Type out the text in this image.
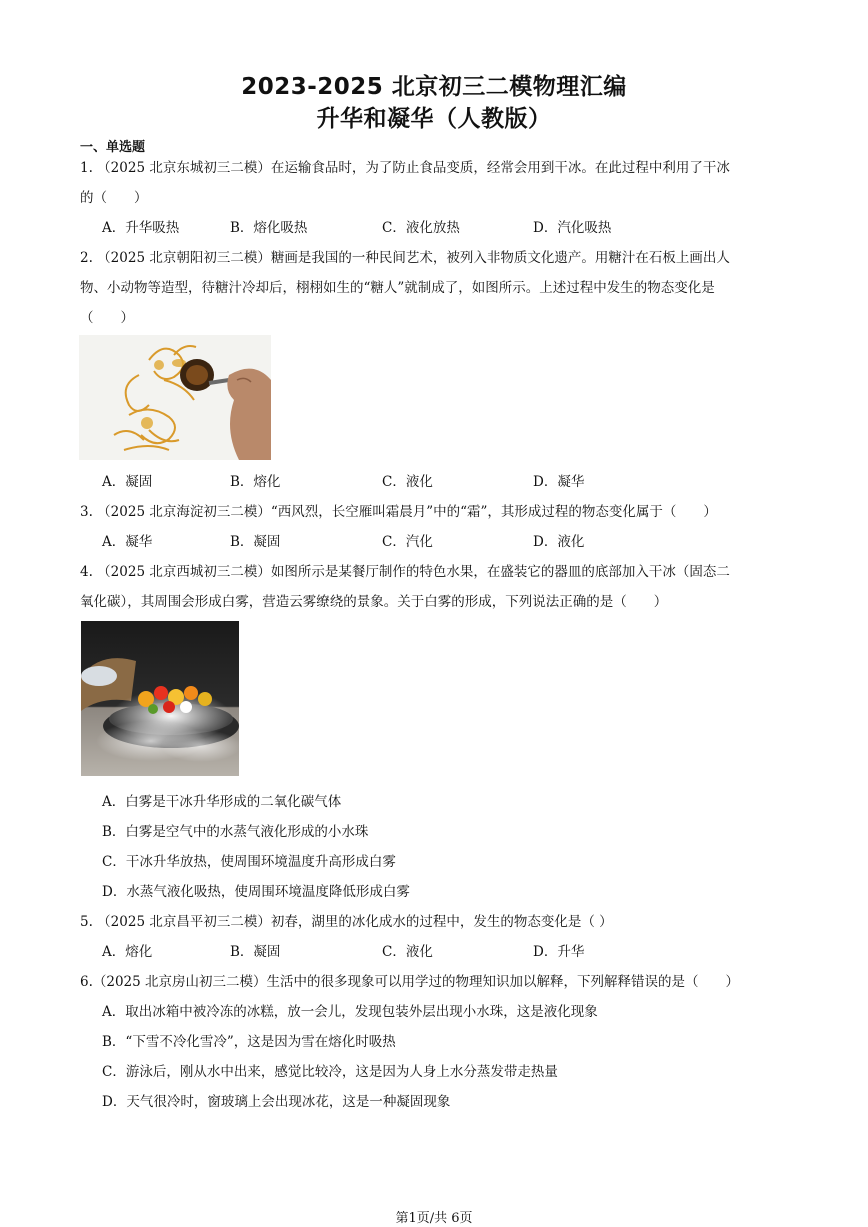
2023-2025 北京初三二模物理汇编
升华和凝华（人教版）
一、单选题
1. （2025 北京东城初三二模）在运输食品时，为了防止食品变质，经常会用到干冰。在此过程中利用了干冰
的（　　）
A．升华吸热	B．熔化吸热	C．液化放热	D．汽化吸热
2. （2025 北京朝阳初三二模）糖画是我国的一种民间艺术，被列入非物质文化遗产。用糖汁在石板上画出人
物、小动物等造型，待糖汁冷却后，栩栩如生的“糖人”就制成了，如图所示。上述过程中发生的物态变化是
（　　）
A．凝固	B．熔化	C．液化	D．凝华
3. （2025 北京海淀初三二模）“西风烈，长空雁叫霜晨月”中的“霜”，其形成过程的物态变化属于（　　）
A．凝华	B．凝固	C．汽化	D．液化
4. （2025 北京西城初三二模）如图所示是某餐厅制作的特色水果，在盛装它的器皿的底部加入干冰（固态二
氧化碳），其周围会形成白雾，营造云雾缭绕的景象。关于白雾的形成，下列说法正确的是（　　）
A．白雾是干冰升华形成的二氧化碳气体
B．白雾是空气中的水蒸气液化形成的小水珠
C．干冰升华放热，使周围环境温度升高形成白雾
D．水蒸气液化吸热，使周围环境温度降低形成白雾
5. （2025 北京昌平初三二模）初春，湖里的冰化成水的过程中，发生的物态变化是（ ）
A．熔化	B．凝固	C．液化	D．升华
6.（2025 北京房山初三二模）生活中的很多现象可以用学过的物理知识加以解释，下列解释错误的是（　　）
A．取出冰箱中被冷冻的冰糕，放一会儿，发现包装外层出现小水珠，这是液化现象
B．“下雪不冷化雪冷”，这是因为雪在熔化时吸热
C．游泳后，刚从水中出来，感觉比较冷，这是因为人身上水分蒸发带走热量
D．天气很冷时，窗玻璃上会出现冰花，这是一种凝固现象
第1页/共 6页
